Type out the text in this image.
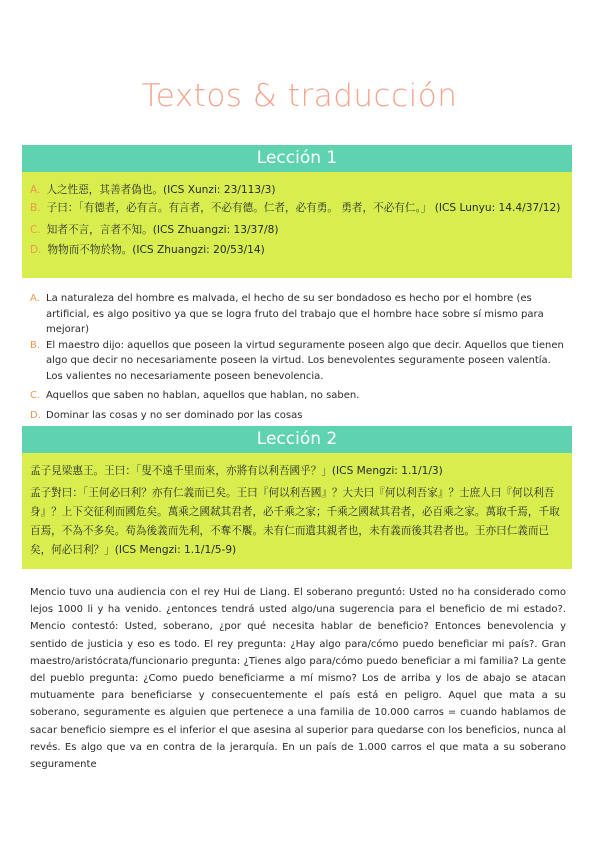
Textos & traducción
Lección 1
A. 人之性惡，其善者偽也。(ICS Xunzi: 23/113/3)
B. 子曰：「有德者，必有言。有言者，不必有德。仁者，必有勇。 勇者，不必有仁。」 (ICS Lunyu: 14.4/37/12)
C. 知者不言，言者不知。(ICS Zhuangzi: 13/37/8)
D. 物物而不物於物。(ICS Zhuangzi: 20/53/14)
A. La naturaleza del hombre es malvada, el hecho de su ser bondadoso es hecho por el hombre (es artificial, es algo positivo ya que se logra fruto del trabajo que el hombre hace sobre sí mismo para mejorar)
B. El maestro dijo: aquellos que poseen la virtud seguramente poseen algo que decir. Aquellos que tienen algo que decir no necesariamente poseen la virtud. Los benevolentes seguramente poseen valentía. Los valientes no necesariamente poseen benevolencia.
C. Aquellos que saben no hablan, aquellos que hablan, no saben.
D. Dominar las cosas y no ser dominado por las cosas
Lección 2
孟子見梁惠王。王曰：「叟不遠千里而來，亦將有以利吾國乎？」(ICS Mengzi: 1.1/1/3)
孟子對曰：「王何必曰利？亦有仁義而已矣。王曰『何以利吾國』？大夫曰『何以利吾家』？士庶人曰『何以利吾身』？上下交征利而國危矣。萬乘之國弒其君者，必千乘之家；千乘之國弒其君者，必百乘之家。萬取千焉，千取百焉，不為不多矣。苟為後義而先利，不奪不饜。未有仁而遺其親者也，未有義而後其君者也。王亦曰仁義而已矣，何必曰利？」(ICS Mengzi: 1.1/1/5-9)
Mencio tuvo una audiencia con el rey Hui de Liang. El soberano preguntó: Usted no ha considerado como lejos 1000 li y ha venido. ¿entonces tendrá usted algo/una sugerencia para el beneficio de mi estado?. Mencio contestó: Usted, soberano, ¿por qué necesita hablar de beneficio? Entonces benevolencia y sentido de justicia y eso es todo. El rey pregunta: ¿Hay algo para/cómo puedo beneficiar mi país?. Gran maestro/aristócrata/funcionario pregunta: ¿Tienes algo para/cómo puedo beneficiar a mi familia? La gente del pueblo pregunta: ¿Como puedo beneficiarme a mí mismo? Los de arriba y los de abajo se atacan mutuamente para beneficiarse y consecuentemente el país está en peligro. Aquel que mata a su soberano, seguramente es alguien que pertenece a una familia de 10.000 carros = cuando hablamos de sacar beneficio siempre es el inferior el que asesina al superior para quedarse con los beneficios, nunca al revés. Es algo que va en contra de la jerarquía. En un país de 1.000 carros el que mata a su soberano seguramente
